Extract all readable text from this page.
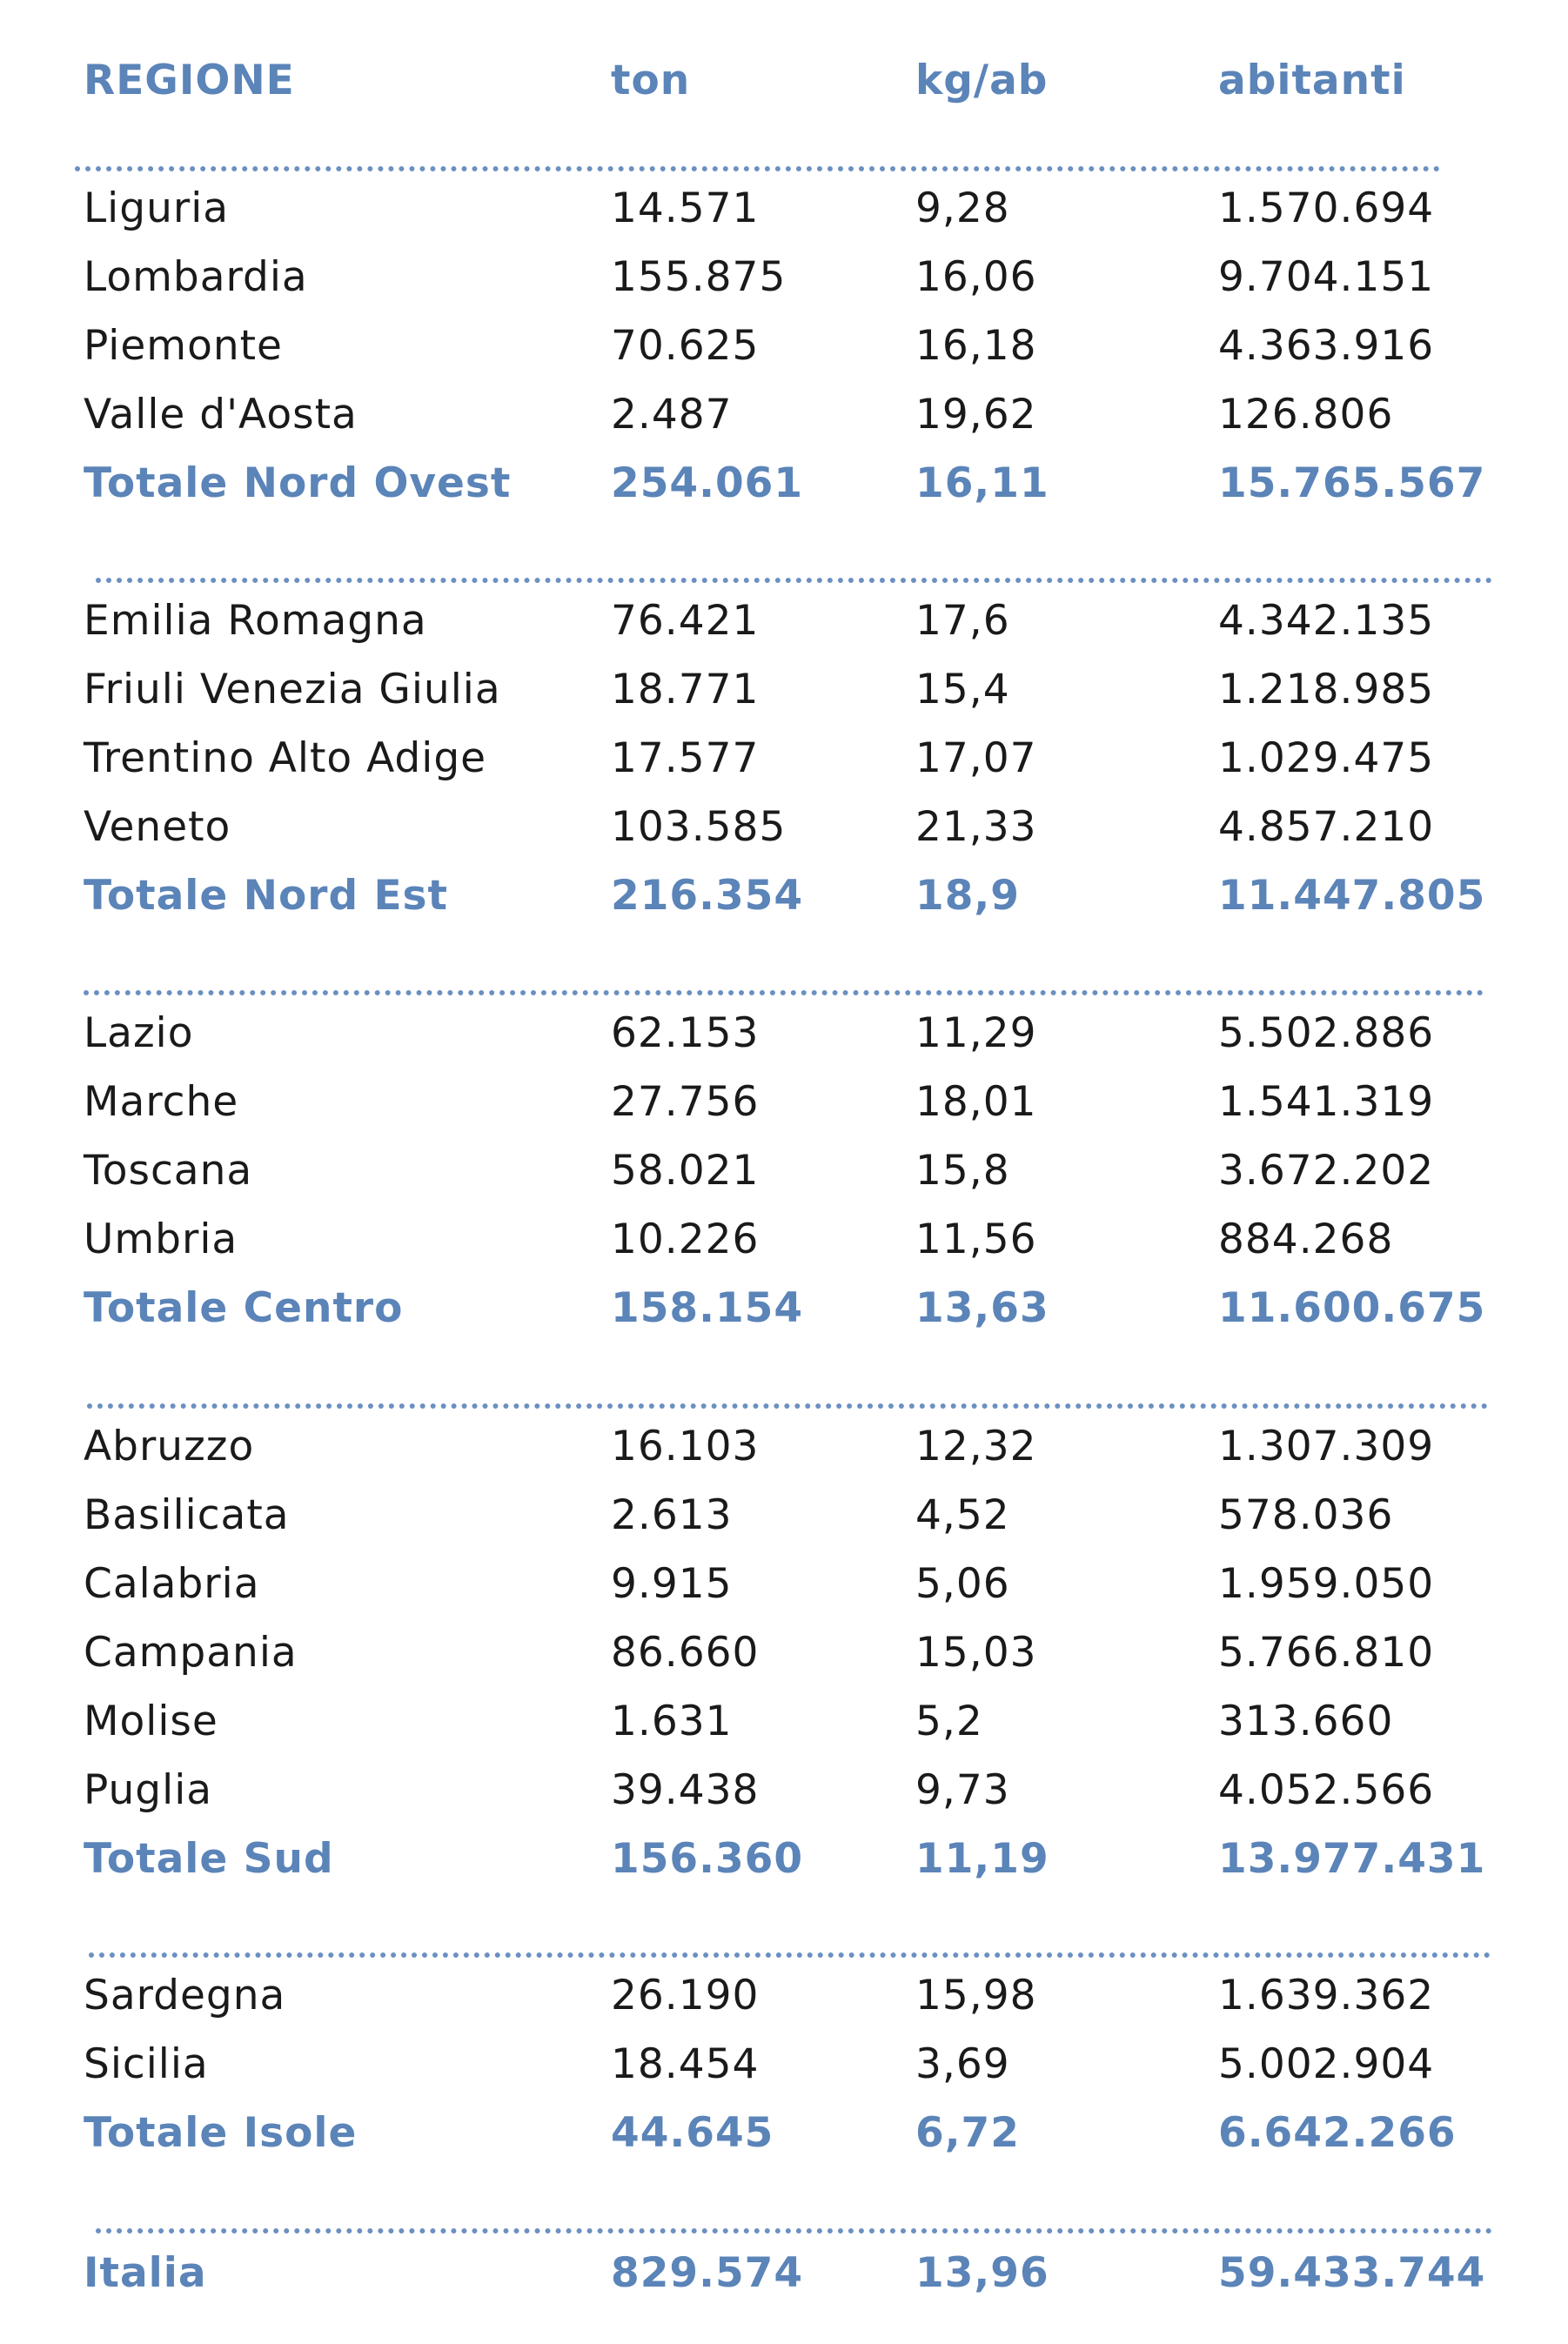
REGIONE	ton	kg/ab	abitanti
Liguria	14.571	9,28	1.570.694
Lombardia	155.875	16,06	9.704.151
Piemonte	70.625	16,18	4.363.916
Valle d'Aosta	2.487	19,62	126.806
Totale Nord Ovest 254.061	16,11	15.765.567
Emilia Romagna	76.421	17,6	4.342.135
Friuli Venezia Giulia	18.771	15,4	1.218.985
Trentino Alto Adige	17.577	17,07	1.029.475
Veneto	103.585	21,33	4.857.210
Totale Nord Est	216.354	18,9	11.447.805
Lazio	62.153	11,29	5.502.886
Marche	27.756	18,01	1.541.319
Toscana	58.021	15,8	3.672.202
Umbria	10.226	11,56	884.268
Totale Centro	158.154	13,63	11.600.675
Abruzzo	16.103	12,32	1.307.309
Basilicata	2.613	4,52	578.036
Calabria	9.915	5,06	1.959.050
Campania	86.660	15,03	5.766.810
Molise	1.631	5,2	313.660
Puglia	39.438	9,73	4.052.566
Totale Sud	156.360	11,19	13.977.431
Sardegna	26.190	15,98	1.639.362
Sicilia	18.454	3,69	5.002.904
Totale Isole	44.645	6,72	6.642.266
Italia	829.574	13,96	59.433.744
